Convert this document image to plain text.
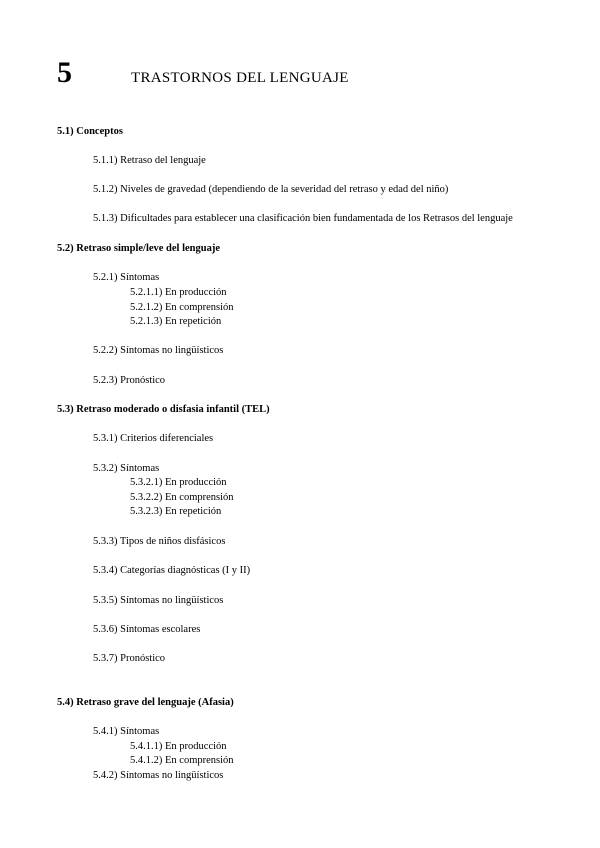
5	TRASTORNOS DEL LENGUAJE
5.1) Conceptos
5.1.1) Retraso del lenguaje
5.1.2) Niveles de gravedad (dependiendo de la severidad del retraso y edad del niño)
5.1.3) Dificultades para establecer una clasificación bien fundamentada de los Retrasos del lenguaje
5.2) Retraso simple/leve del lenguaje
5.2.1) Síntomas
5.2.1.1) En producción
5.2.1.2) En comprensión
5.2.1.3) En repetición
5.2.2) Síntomas no lingüísticos
5.2.3) Pronóstico
5.3) Retraso moderado o disfasia infantil (TEL)
5.3.1) Criterios diferenciales
5.3.2) Síntomas
5.3.2.1) En producción
5.3.2.2) En comprensión
5.3.2.3) En repetición
5.3.3) Tipos de niños disfásicos
5.3.4) Categorías diagnósticas (I y II)
5.3.5) Síntomas no lingüísticos
5.3.6) Síntomas escolares
5.3.7) Pronóstico
5.4) Retraso grave del lenguaje (Afasia)
5.4.1) Síntomas
5.4.1.1) En producción
5.4.1.2) En comprensión
5.4.2) Síntomas no lingüísticos
